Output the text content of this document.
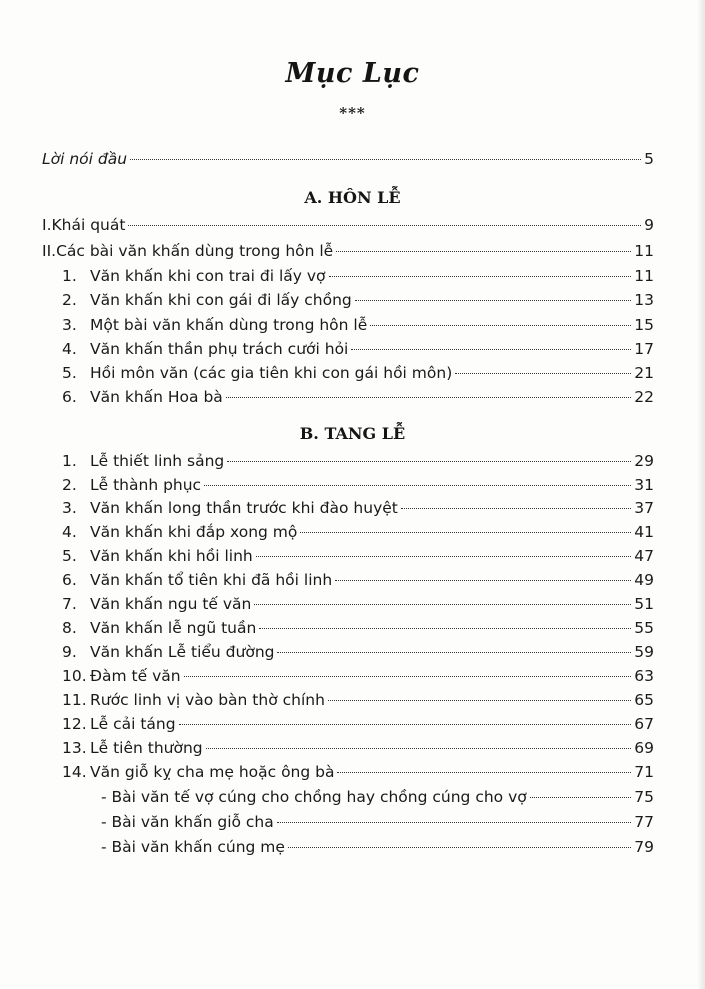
Mục Lục
***
Lời nói đầu	5
A. HÔN LỄ
I.Khái quát	9
II.Các bài văn khấn dùng trong hôn lễ	11
1. Văn khấn khi con trai đi lấy vợ	11
2. Văn khấn khi con gái đi lấy chồng	13
3. Một bài văn khấn dùng trong hôn lễ	15
4. Văn khấn thần phụ trách cưới hỏi	17
5. Hồi môn văn (các gia tiên khi con gái hồi môn)	21
6. Văn khấn Hoa bà	22
B. TANG LỄ
1. Lễ thiết linh sảng	29
2. Lễ thành phục	31
3. Văn khấn long thần trước khi đào huyệt	37
4. Văn khấn khi đắp xong mộ	41
5. Văn khấn khi hồi linh	47
6. Văn khấn tổ tiên khi đã hồi linh	49
7. Văn khấn ngu tế văn	51
8. Văn khấn lễ ngũ tuần	55
9. Văn khấn Lễ tiểu đường	59
10. Đàm tế văn	63
11. Rước linh vị vào bàn thờ chính	65
12. Lễ cải táng	67
13. Lễ tiên thường	69
14. Văn giỗ kỵ cha mẹ hoặc ông bà	71
- Bài văn tế vợ cúng cho chồng hay chồng cúng cho vợ	75
- Bài văn khấn giỗ cha	77
- Bài văn khấn cúng mẹ	79
